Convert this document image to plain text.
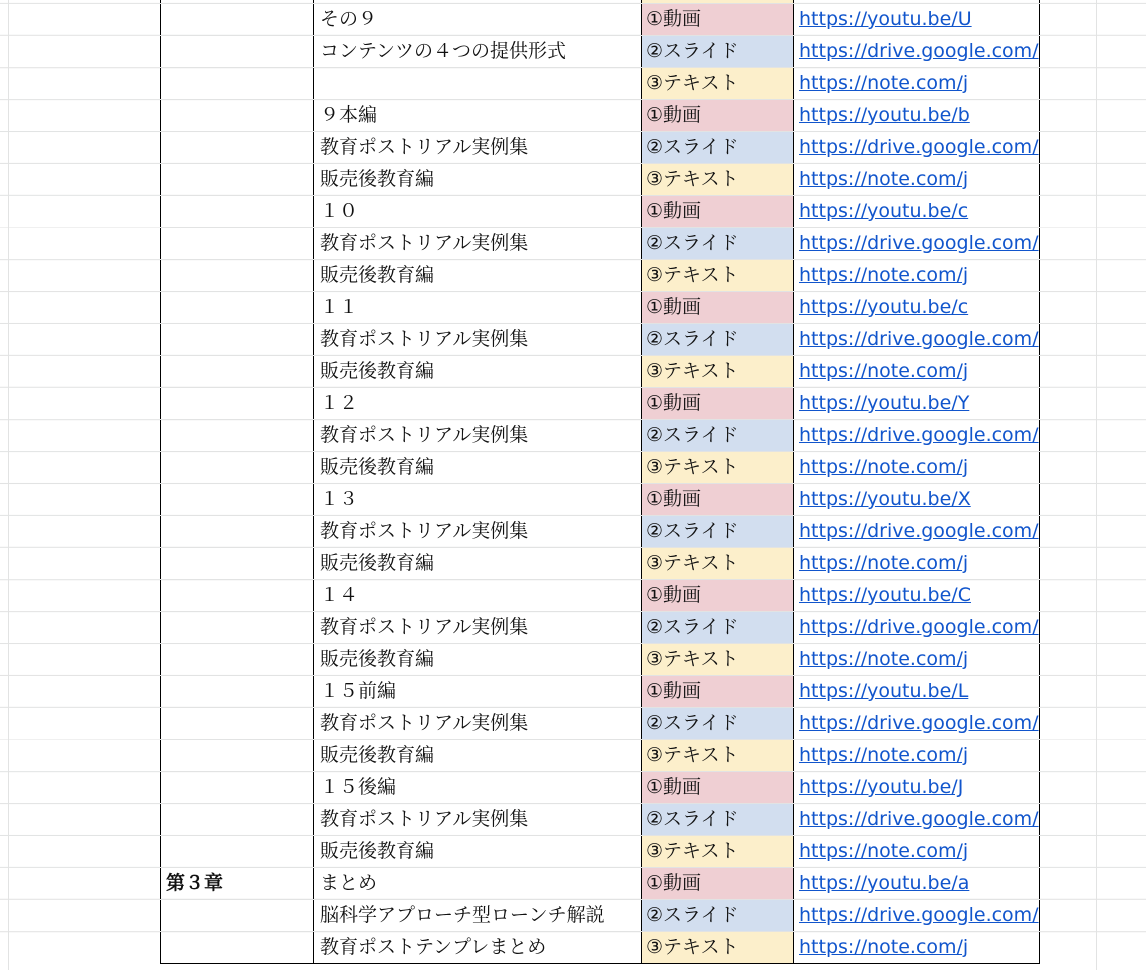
	その９	①動画	https://youtu.be/U
	コンテンツの４つの提供形式	②スライド	https://drive.google.com/
		③テキスト	https://note.com/j
	９本編	①動画	https://youtu.be/b
	教育ポストリアル実例集	②スライド	https://drive.google.com/
	販売後教育編	③テキスト	https://note.com/j
	１０	①動画	https://youtu.be/c
	教育ポストリアル実例集	②スライド	https://drive.google.com/
	販売後教育編	③テキスト	https://note.com/j
	１１	①動画	https://youtu.be/c
	教育ポストリアル実例集	②スライド	https://drive.google.com/
	販売後教育編	③テキスト	https://note.com/j
	１２	①動画	https://youtu.be/Y
	教育ポストリアル実例集	②スライド	https://drive.google.com/
	販売後教育編	③テキスト	https://note.com/j
	１３	①動画	https://youtu.be/X
	教育ポストリアル実例集	②スライド	https://drive.google.com/
	販売後教育編	③テキスト	https://note.com/j
	１４	①動画	https://youtu.be/C
	教育ポストリアル実例集	②スライド	https://drive.google.com/
	販売後教育編	③テキスト	https://note.com/j
	１５前編	①動画	https://youtu.be/L
	教育ポストリアル実例集	②スライド	https://drive.google.com/
	販売後教育編	③テキスト	https://note.com/j
	１５後編	①動画	https://youtu.be/J
	教育ポストリアル実例集	②スライド	https://drive.google.com/
	販売後教育編	③テキスト	https://note.com/j
第３章	まとめ	①動画	https://youtu.be/a
	脳科学アプローチ型ローンチ解説	②スライド	https://drive.google.com/
	教育ポストテンプレまとめ	③テキスト	https://note.com/j
